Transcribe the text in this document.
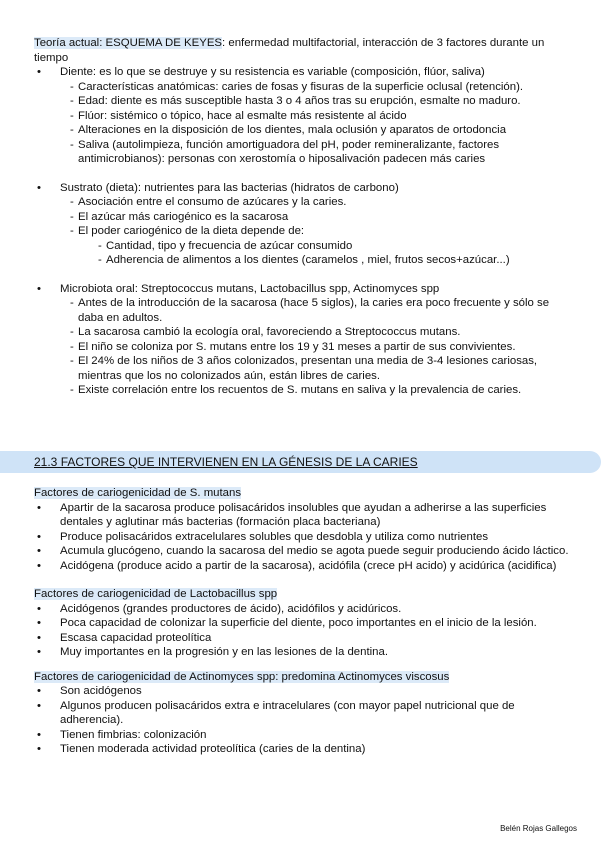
Teoría actual: ESQUEMA DE KEYES: enfermedad multifactorial, interacción de 3 factores durante un tiempo

• Diente: es lo que se destruye y su resistencia es variable (composición, flúor, saliva)

- Características anatómicas: caries de fosas y fisuras de la superficie oclusal (retención).

- Edad: diente es más susceptible hasta 3 o 4 años tras su erupción, esmalte no maduro.

- Flúor: sistémico o tópico, hace al esmalte más resistente al ácido

- Alteraciones en la disposición de los dientes, mala oclusión y aparatos de ortodoncia

- Saliva (autolimpieza, función amortiguadora del pH, poder remineralizante, factores antimicrobianos): personas con xerostomía o hiposalivación padecen más caries

• Sustrato (dieta): nutrientes para las bacterias (hidratos de carbono)

- Asociación entre el consumo de azúcares y la caries.

- El azúcar más cariogénico es la sacarosa

- El poder cariogénico de la dieta depende de:

- Cantidad, tipo y frecuencia de azúcar consumido

- Adherencia de alimentos a los dientes (caramelos , miel, frutos secos+azúcar...)

• Microbiota oral: Streptococcus mutans, Lactobacillus spp, Actinomyces spp

- Antes de la introducción de la sacarosa (hace 5 siglos), la caries era poco frecuente y sólo se daba en adultos.

- La sacarosa cambió la ecología oral, favoreciendo a Streptococcus mutans.

- El niño se coloniza por S. mutans entre los 19 y 31 meses a partir de sus convivientes.

- El 24% de los niños de 3 años colonizados, presentan una media de 3-4 lesiones cariosas, mientras que los no colonizados aún, están libres de caries.

- Existe correlación entre los recuentos de S. mutans en saliva y la prevalencia de caries.

21.3 FACTORES QUE INTERVIENEN EN LA GÉNESIS DE LA CARIES

Factores de cariogenicidad de S. mutans

• Apartir de la sacarosa produce polisacáridos insolubles que ayudan a adherirse a las superficies dentales y aglutinar más bacterias (formación placa bacteriana)

• Produce polisacáridos extracelulares solubles que desdobla y utiliza como nutrientes

• Acumula glucógeno, cuando la sacarosa del medio se agota puede seguir produciendo ácido láctico.

• Acidógena (produce acido a partir de la sacarosa), acidófila (crece pH acido) y acidúrica (acidifica)

Factores de cariogenicidad de Lactobacillus spp

• Acidógenos (grandes productores de ácido), acidófilos y acidúricos.

• Poca capacidad de colonizar la superficie del diente, poco importantes en el inicio de la lesión.

• Escasa capacidad proteolítica

• Muy importantes en la progresión y en las lesiones de la dentina.

Factores de cariogenicidad de Actinomyces spp: predomina Actinomyces viscosus

• Son acidógenos

• Algunos producen polisacáridos extra e intracelulares (con mayor papel nutricional que de adherencia).

• Tienen fimbrias: colonización

• Tienen moderada actividad proteolítica (caries de la dentina)

Belén Rojas Gallegos
